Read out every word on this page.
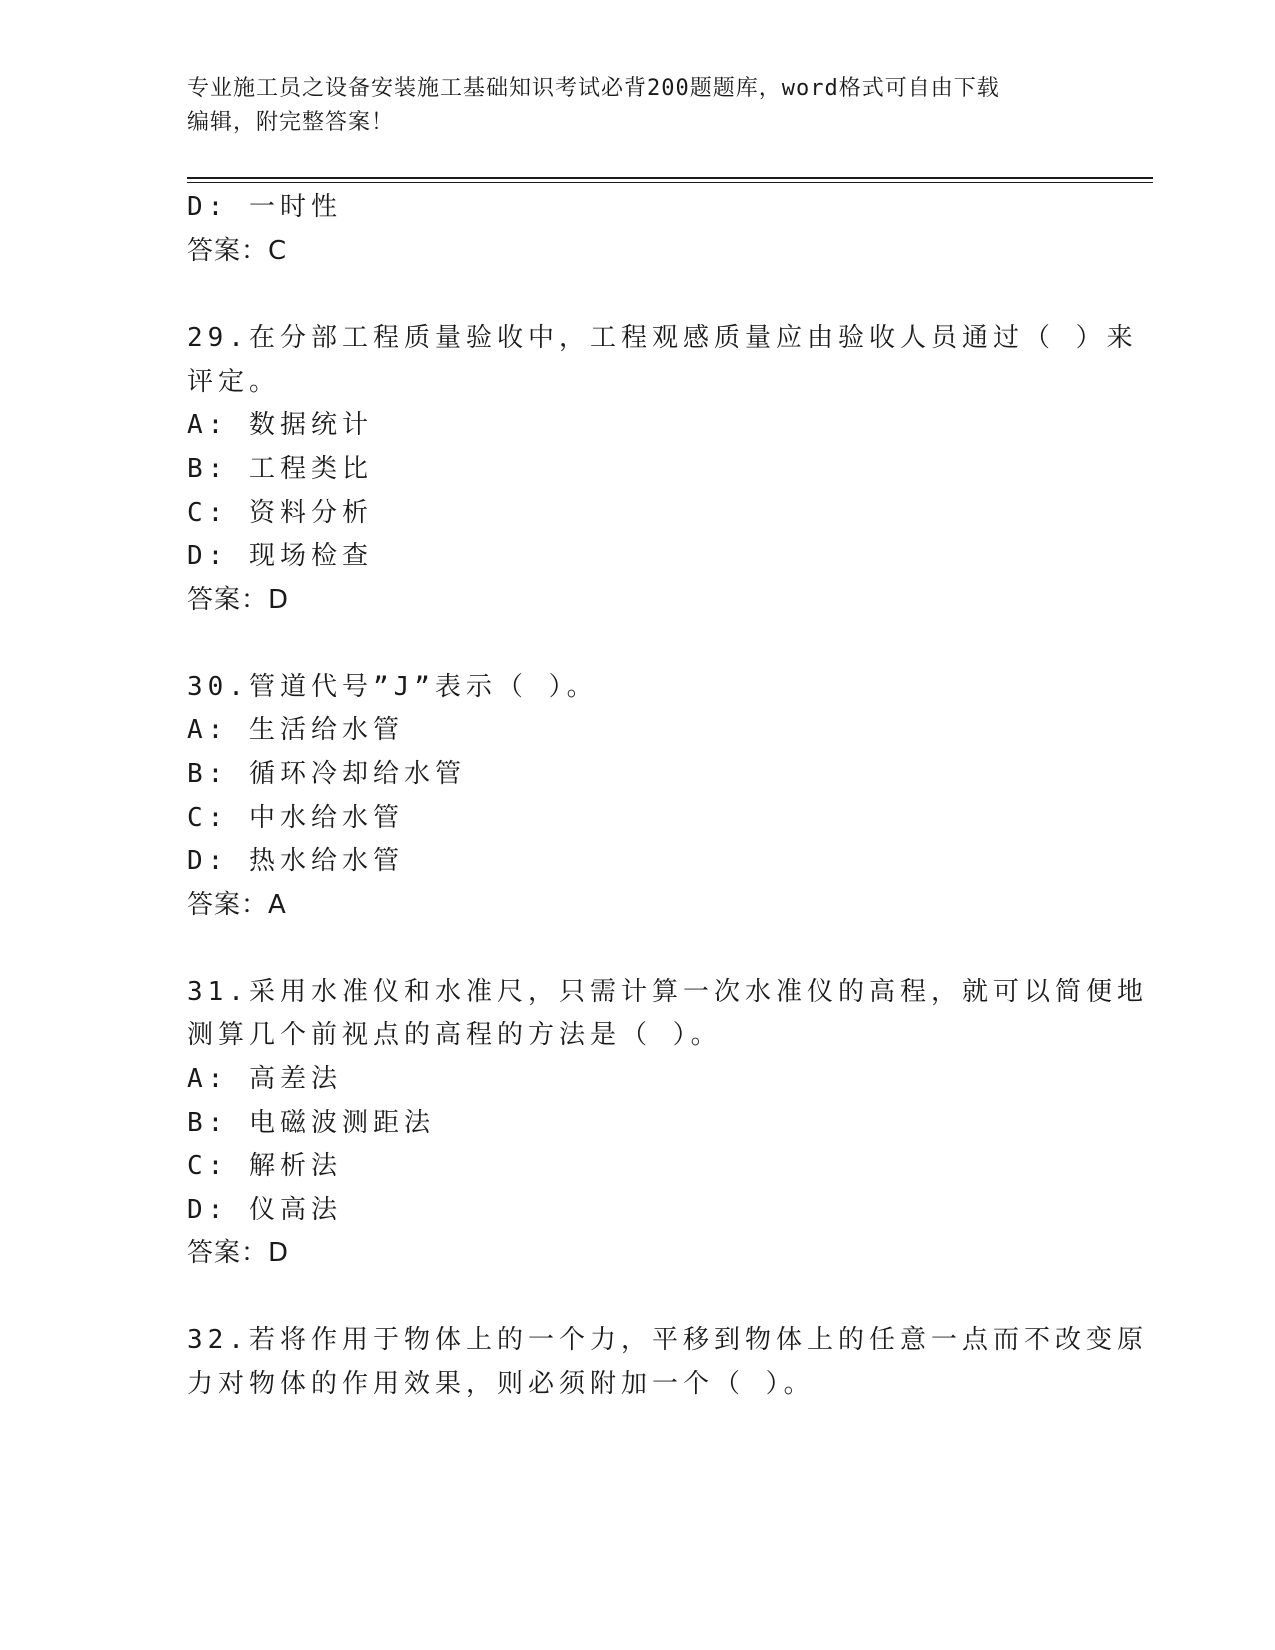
专业施工员之设备安装施工基础知识考试必背200题题库，word格式可自由下载
编辑，附完整答案！
D: 一时性
答案：C
29.在分部工程质量验收中，工程观感质量应由验收人员通过（ ）来
评定。
A: 数据统计
B: 工程类比
C: 资料分析
D: 现场检查
答案：D
30.管道代号”J”表示（ ）。
A: 生活给水管
B: 循环冷却给水管
C: 中水给水管
D: 热水给水管
答案：A
31.采用水准仪和水准尺，只需计算一次水准仪的高程，就可以简便地
测算几个前视点的高程的方法是（ ）。
A: 高差法
B: 电磁波测距法
C: 解析法
D: 仪高法
答案：D
32.若将作用于物体上的一个力，平移到物体上的任意一点而不改变原
力对物体的作用效果，则必须附加一个（ ）。
